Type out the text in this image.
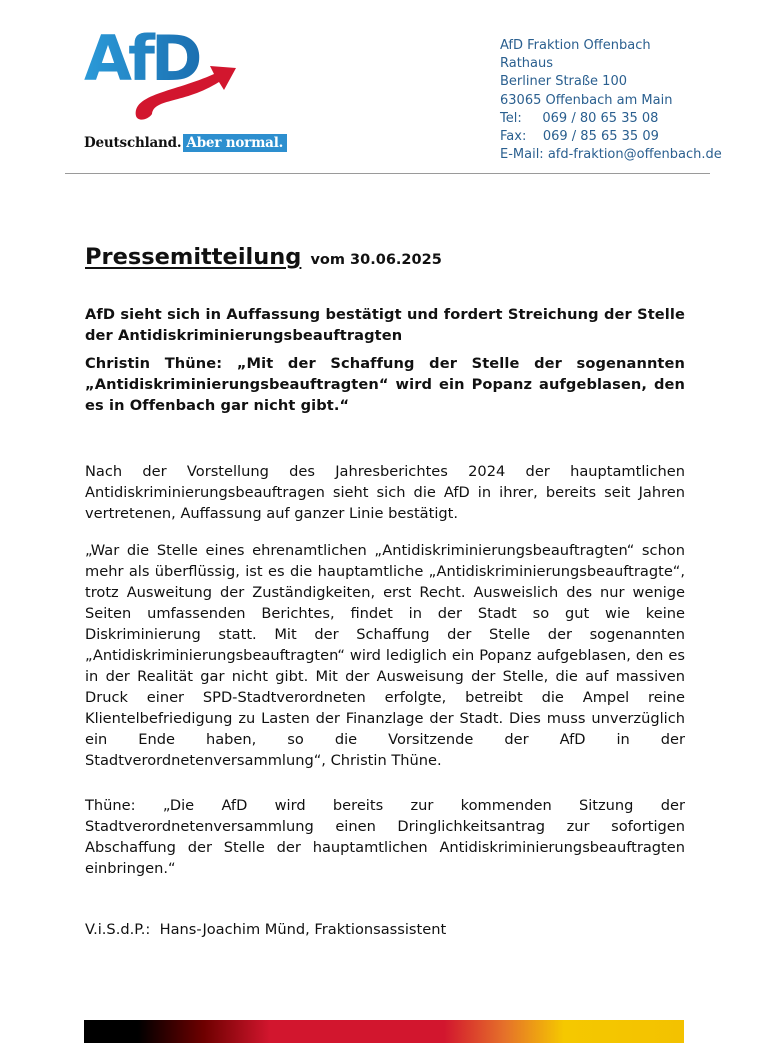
AfD
Deutschland. Aber normal.
AfD Fraktion Offenbach
Rathaus
Berliner Straße 100
63065 Offenbach am Main
Tel:     069 / 80 65 35 08
Fax:    069 / 85 65 35 09
E-Mail: afd-fraktion@offenbach.de
Pressemitteilung vom 30.06.2025
AfD sieht sich in Auffassung bestätigt und fordert Streichung der Stelle der Antidiskriminierungsbeauftragten
Christin Thüne: „Mit der Schaffung der Stelle der sogenannten „Antidiskriminierungsbeauftragten“ wird ein Popanz aufgeblasen, den es in Offenbach gar nicht gibt.“
Nach der Vorstellung des Jahresberichtes 2024 der hauptamtlichen Antidiskriminierungsbeauftragen sieht sich die AfD in ihrer, bereits seit Jahren vertretenen, Auffassung auf ganzer Linie bestätigt.
„War die Stelle eines ehrenamtlichen „Antidiskriminierungsbeauftragten“ schon mehr als überflüssig, ist es die hauptamtliche „Antidiskriminierungsbeauftragte“, trotz Ausweitung der Zuständigkeiten, erst Recht. Ausweislich des nur wenige Seiten umfassenden Berichtes, findet in der Stadt so gut wie keine Diskriminierung statt. Mit der Schaffung der Stelle der sogenannten „Antidiskriminierungsbeauftragten“ wird lediglich ein Popanz aufgeblasen, den es in der Realität gar nicht gibt. Mit der Ausweisung der Stelle, die auf massiven Druck einer SPD-Stadtverordneten erfolgte, betreibt die Ampel reine Klientelbefriedigung zu Lasten der Finanzlage der Stadt. Dies muss unverzüglich ein Ende haben, so die Vorsitzende der AfD in der Stadtverordnetenversammlung“, Christin Thüne.
Thüne: „Die AfD wird bereits zur kommenden Sitzung der Stadtverordnetenversammlung einen Dringlichkeitsantrag zur sofortigen Abschaffung der Stelle der hauptamtlichen Antidiskriminierungsbeauftragten einbringen.“
V.i.S.d.P.:  Hans-Joachim Münd, Fraktionsassistent
